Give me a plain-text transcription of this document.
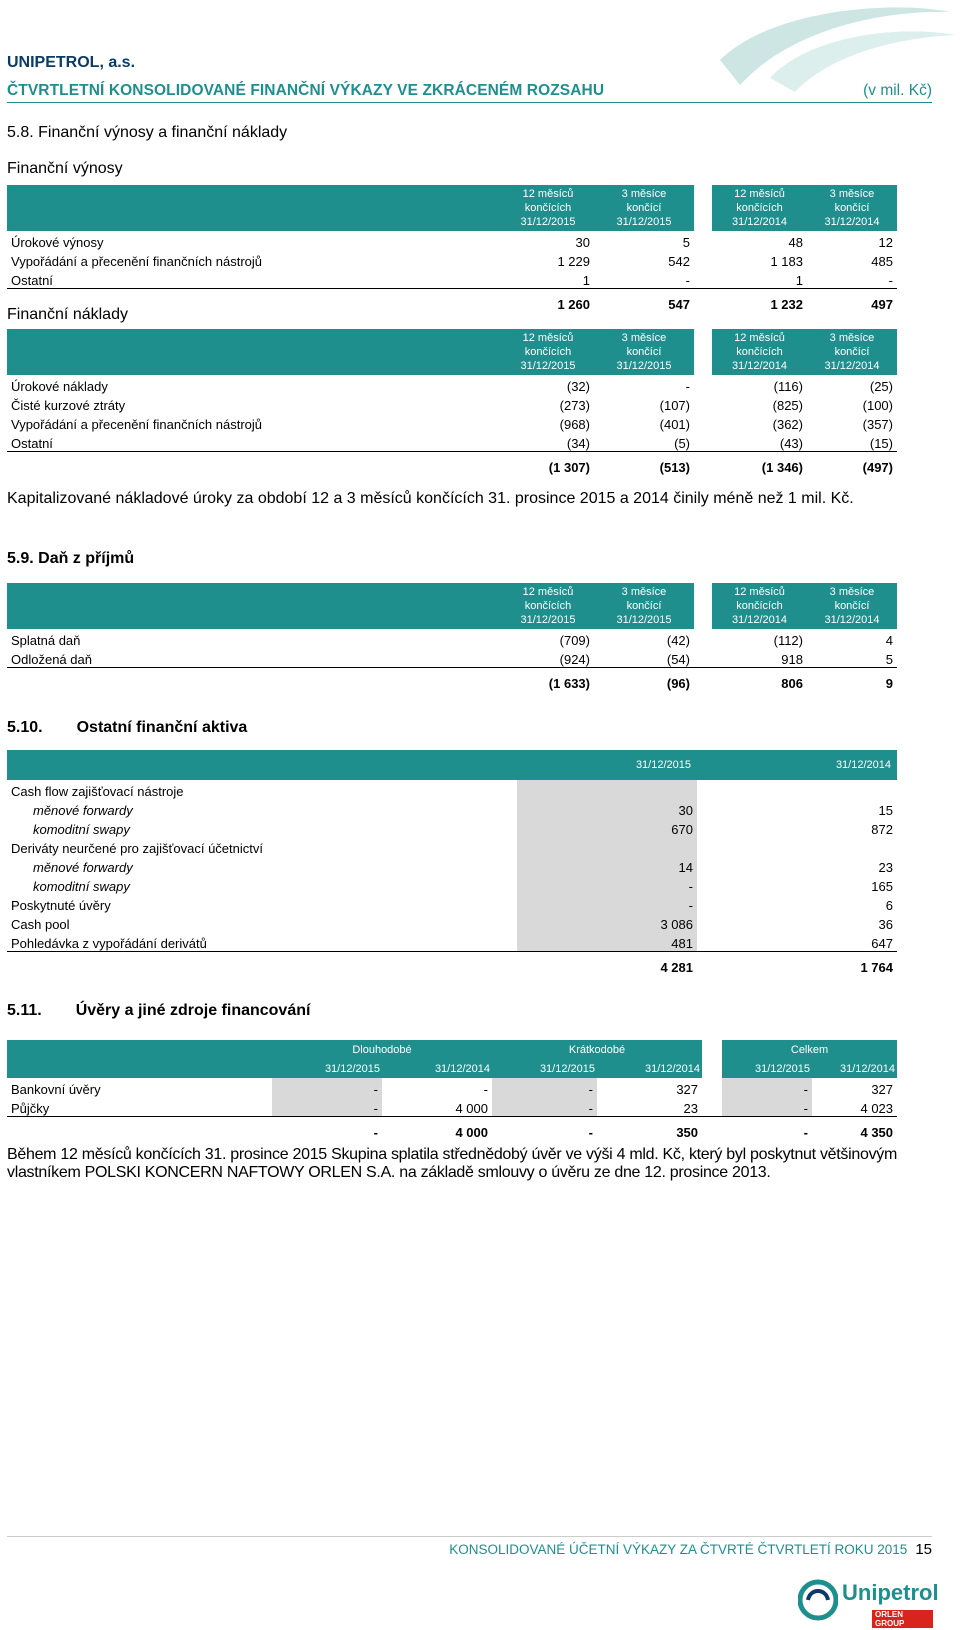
UNIPETROL, a.s.
ČTVRTLETNÍ KONSOLIDOVANÉ FINANČNÍ VÝKAZY VE ZKRÁCENÉM ROZSAHU	(v mil. Kč)
5.8. Finanční výnosy a finanční náklady
Finanční výnosy
	12 měsíců
končících
31/12/2015	3 měsíce
končící
31/12/2015		12 měsíců
končících
31/12/2014	3 měsíce
končící
31/12/2014
Úrokové výnosy	30	5		48	12
Vypořádání a přecenění finančních nástrojů	1 229	542		1 183	485
Ostatní	1	-		1	-
	1 260	547		1 232	497
Finanční náklady
	12 měsíců
končících
31/12/2015	3 měsíce
končící
31/12/2015		12 měsíců
končících
31/12/2014	3 měsíce
končící
31/12/2014
Úrokové náklady	(32)	-		(116)	(25)
Čisté kurzové ztráty	(273)	(107)		(825)	(100)
Vypořádání a přecenění finančních nástrojů	(968)	(401)		(362)	(357)
Ostatní	(34)	(5)		(43)	(15)
	(1 307)	(513)		(1 346)	(497)
Kapitalizované nákladové úroky za období 12 a 3 měsíců končících 31. prosince 2015 a 2014 činily méně než 1 mil. Kč.
5.9. Daň z příjmů
	12 měsíců
končících
31/12/2015	3 měsíce
končící
31/12/2015		12 měsíců
končících
31/12/2014	3 měsíce
končící
31/12/2014
Splatná daň	(709)	(42)		(112)	4
Odložená daň	(924)	(54)		918	5
	(1 633)	(96)		806	9
5.10. Ostatní finanční aktiva
	31/12/2015	31/12/2014
Cash flow zajišťovací nástroje		
měnové forwardy	30	15
komoditní swapy	670	872
Deriváty neurčené pro zajišťovací účetnictví		
měnové forwardy	14	23
komoditní swapy	-	165
Poskytnuté úvěry	-	6
Cash pool	3 086	36
Pohledávka z vypořádání derivátů	481	647
	4 281	1 764
5.11. Úvěry a jiné zdroje financování
	Dlouhodobé		Krátkodobé			Celkem	
	31/12/2015	31/12/2014	31/12/2015	31/12/2014		31/12/2015	31/12/2014
Bankovní úvěry	-	-	-	327		-	327
Půjčky	-	4 000	-	23		-	4 023
	-	4 000	-	350		-	4 350
Během 12 měsíců končících 31. prosince 2015 Skupina splatila střednědobý úvěr ve výši 4 mld. Kč, který byl poskytnut většinovým vlastníkem POLSKI KONCERN NAFTOWY ORLEN S.A. na základě smlouvy o úvěru ze dne 12. prosince 2013.
KONSOLIDOVANÉ ÚČETNÍ VÝKAZY ZA ČTVRTÉ ČTVRTLETÍ ROKU 2015 15
Unipetrol
ORLEN GROUP
